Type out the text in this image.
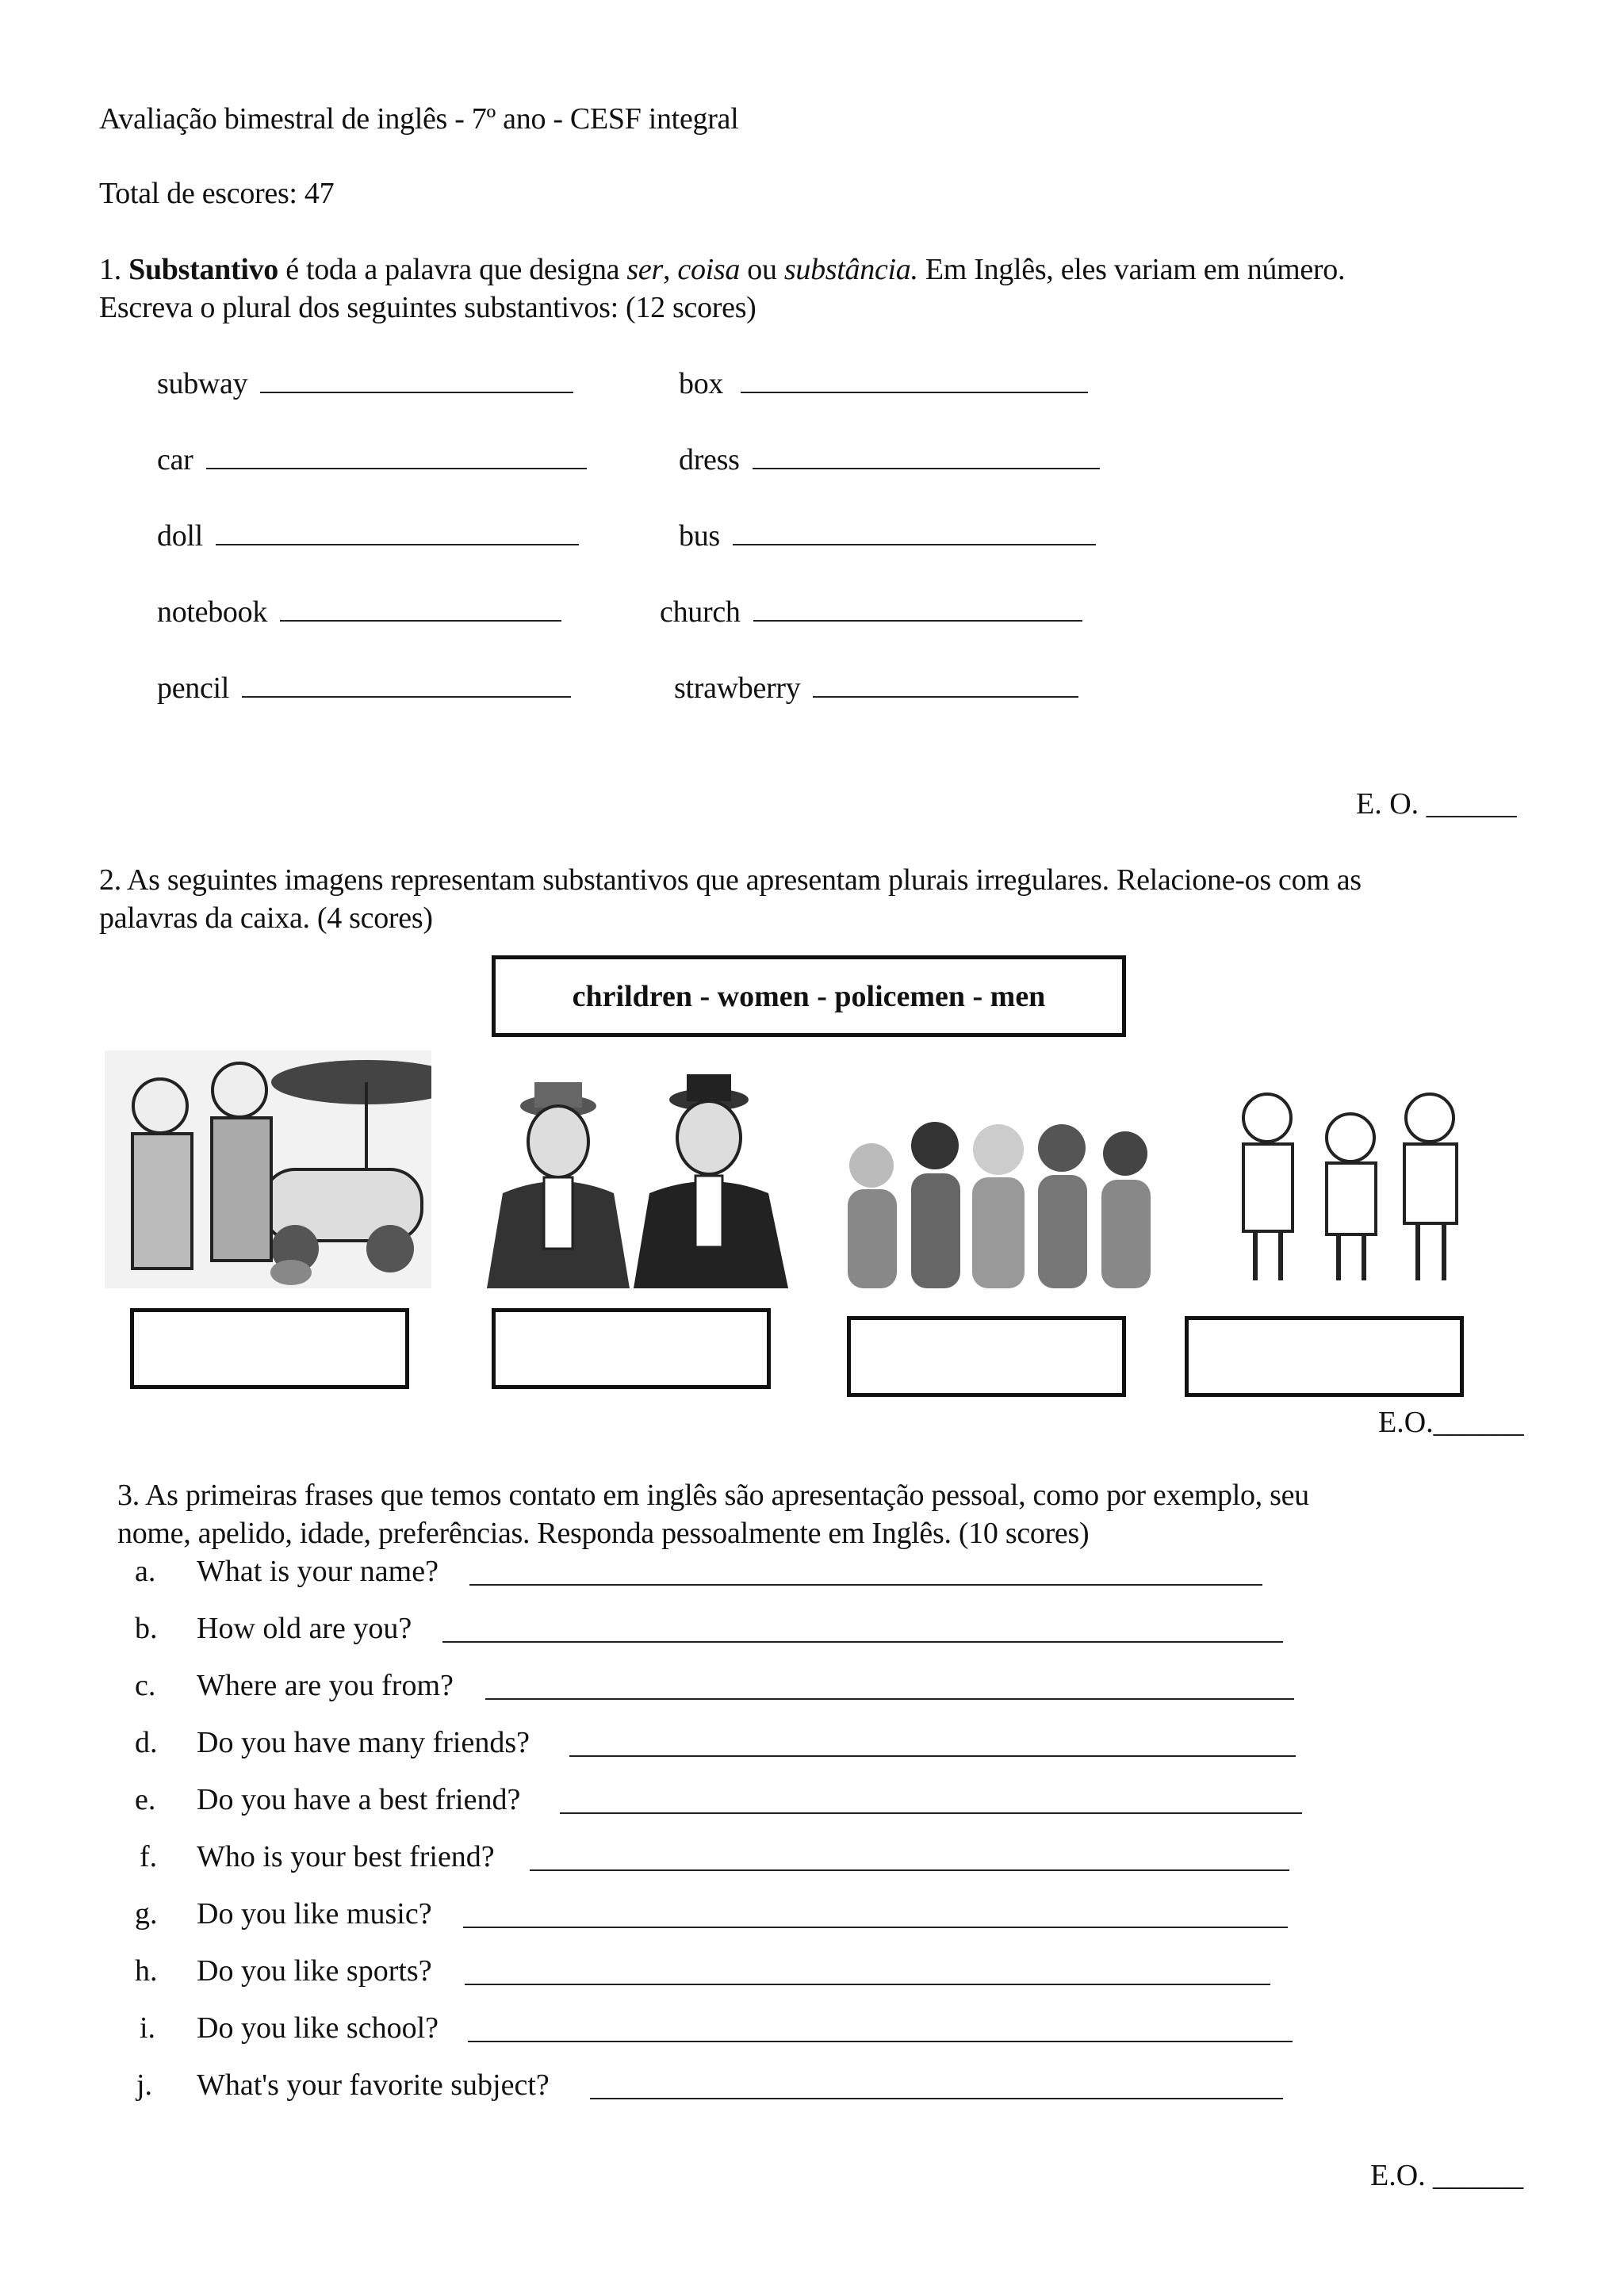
Avaliação bimestral de inglês - 7º ano - CESF integral
Total de escores: 47
1. Substantivo é toda a palavra que designa ser, coisa ou substância. Em Inglês, eles variam em número.
Escreva o plural dos seguintes substantivos: (12 scores)
subway
car
doll
notebook
pencil
box
dress
bus
church
strawberry
E. O. ______
2. As seguintes imagens representam substantivos que apresentam plurais irregulares. Relacione-os com as
palavras da caixa. (4 scores)
chrildren - women - policemen - men
E.O.______
3. As primeiras frases que temos contato em inglês são apresentação pessoal, como por exemplo, seu
nome, apelido, idade, preferências. Responda pessoalmente em Inglês. (10 scores)
a. What is your name?
b. How old are you?
c. Where are you from?
d. Do you have many friends?
e. Do you have a best friend?
f. Who is your best friend?
g. Do you like music?
h. Do you like sports?
i. Do you like school?
j. What's your favorite subject?
E.O. ______
